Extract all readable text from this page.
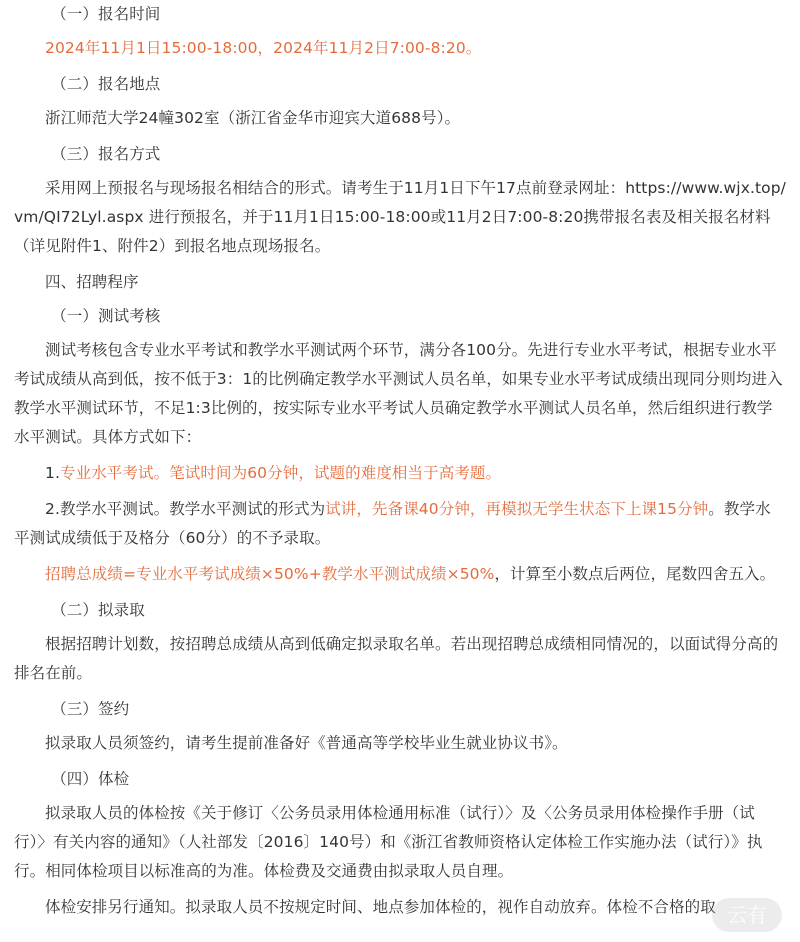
（一）报名时间

2024年11月1日15:00-18:00，2024年11月2日7:00-8:20。

（二）报名地点

浙江师范大学24幢302室（浙江省金华市迎宾大道688号）。

（三）报名方式

采用网上预报名与现场报名相结合的形式。请考生于11月1日下午17点前登录网址：https://www.wjx.top/vm/QI72Lyl.aspx 进行预报名，并于11月1日15:00-18:00或11月2日7:00-8:20携带报名表及相关报名材料（详见附件1、附件2）到报名地点现场报名。

四、招聘程序

（一）测试考核

测试考核包含专业水平考试和教学水平测试两个环节，满分各100分。先进行专业水平考试，根据专业水平考试成绩从高到低，按不低于3：1的比例确定教学水平测试人员名单，如果专业水平考试成绩出现同分则均进入教学水平测试环节，不足1:3比例的，按实际专业水平考试人员确定教学水平测试人员名单，然后组织进行教学水平测试。具体方式如下：

1.专业水平考试。笔试时间为60分钟，试题的难度相当于高考题。

2.教学水平测试。教学水平测试的形式为试讲，先备课40分钟，再模拟无学生状态下上课15分钟。教学水平测试成绩低于及格分（60分）的不予录取。

招聘总成绩=专业水平考试成绩×50%+教学水平测试成绩×50%，计算至小数点后两位，尾数四舍五入。

（二）拟录取

根据招聘计划数，按招聘总成绩从高到低确定拟录取名单。若出现招聘总成绩相同情况的，以面试得分高的排名在前。

（三）签约

拟录取人员须签约，请考生提前准备好《普通高等学校毕业生就业协议书》。

（四）体检

拟录取人员的体检按《关于修订〈公务员录用体检通用标准（试行）〉及〈公务员录用体检操作手册（试行）〉有关内容的通知》（人社部发〔2016〕140号）和《浙江省教师资格认定体检工作实施办法（试行）》执行。相同体检项目以标准高的为准。体检费及交通费由拟录取人员自理。

体检安排另行通知。拟录取人员不按规定时间、地点参加体检的，视作自动放弃。体检不合格的取 云有
